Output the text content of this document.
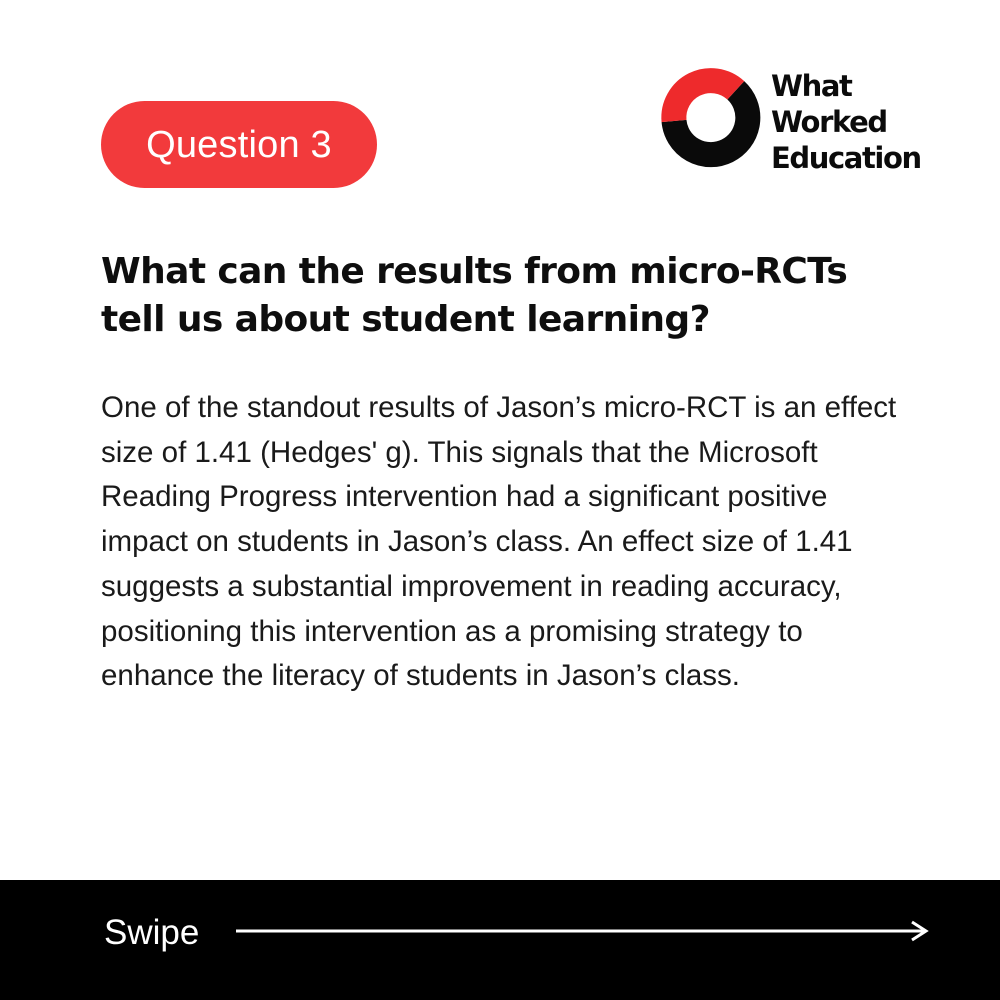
Question 3
What
Worked
Education
What can the results from micro-RCTs tell us about student learning?

One of the standout results of Jason’s micro-RCT is an effect size of 1.41 (Hedges' g). This signals that the Microsoft Reading Progress intervention had a significant positive impact on students in Jason’s class. An effect size of 1.41 suggests a substantial improvement in reading accuracy, positioning this intervention as a promising strategy to enhance the literacy of students in Jason’s class.

Swipe
